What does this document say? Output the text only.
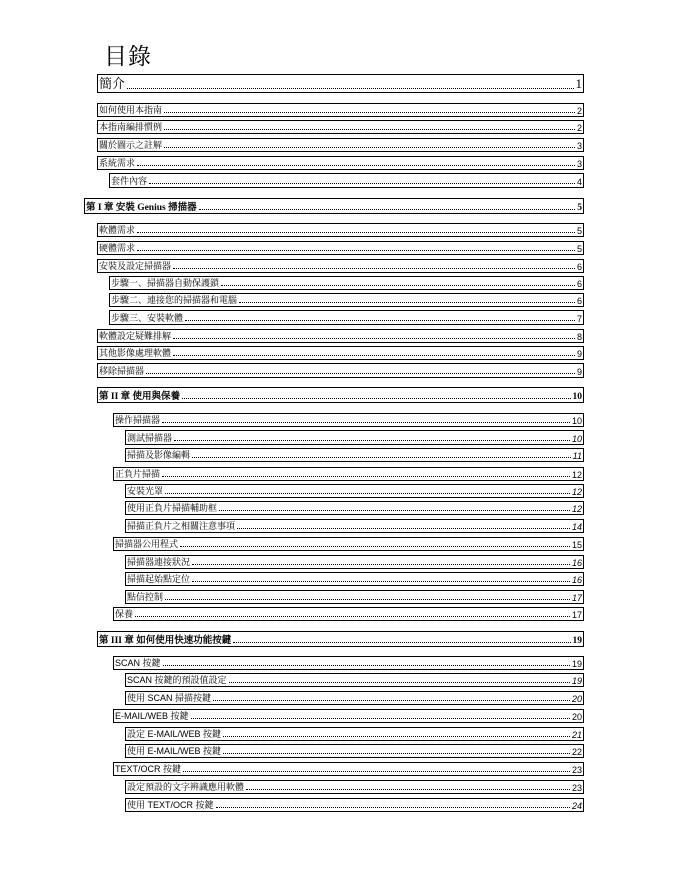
目錄
簡介	1
如何使用本指南	2
本指南編排慣例	2
關於圖示之註解	3
系統需求	3
套件內容	4
第 I 章 安裝 Genius 掃描器	5
軟體需求	5
硬體需求	5
安裝及設定掃描器	6
步驟一、掃描器自動保護鎖	6
步驟二、連接您的掃描器和電腦	6
步驟三、安裝軟體	7
軟體設定疑難排解	8
其他影像處理軟體	9
移除掃描器	9
第 II 章 使用與保養	10
操作掃描器	10
測試掃描器	10
掃描及影像編輯	11
正負片掃描	12
安裝光罩	12
使用正負片掃描輔助框	12
掃描正負片之相關注意事項	14
掃描器公用程式	15
掃描器連接狀況	16
掃描起始點定位	16
點信控制	17
保養	17
第 III 章 如何使用快速功能按鍵	19
SCAN 按鍵	19
SCAN 按鍵的預設值設定	19
使用 SCAN 掃描按鍵	20
E-MAIL/WEB 按鍵	20
設定 E-MAIL/WEB 按鍵	21
使用 E-MAIL/WEB 按鍵	22
TEXT/OCR 按鍵	23
設定預設的文字辨識應用軟體	23
使用 TEXT/OCR 按鍵	24
